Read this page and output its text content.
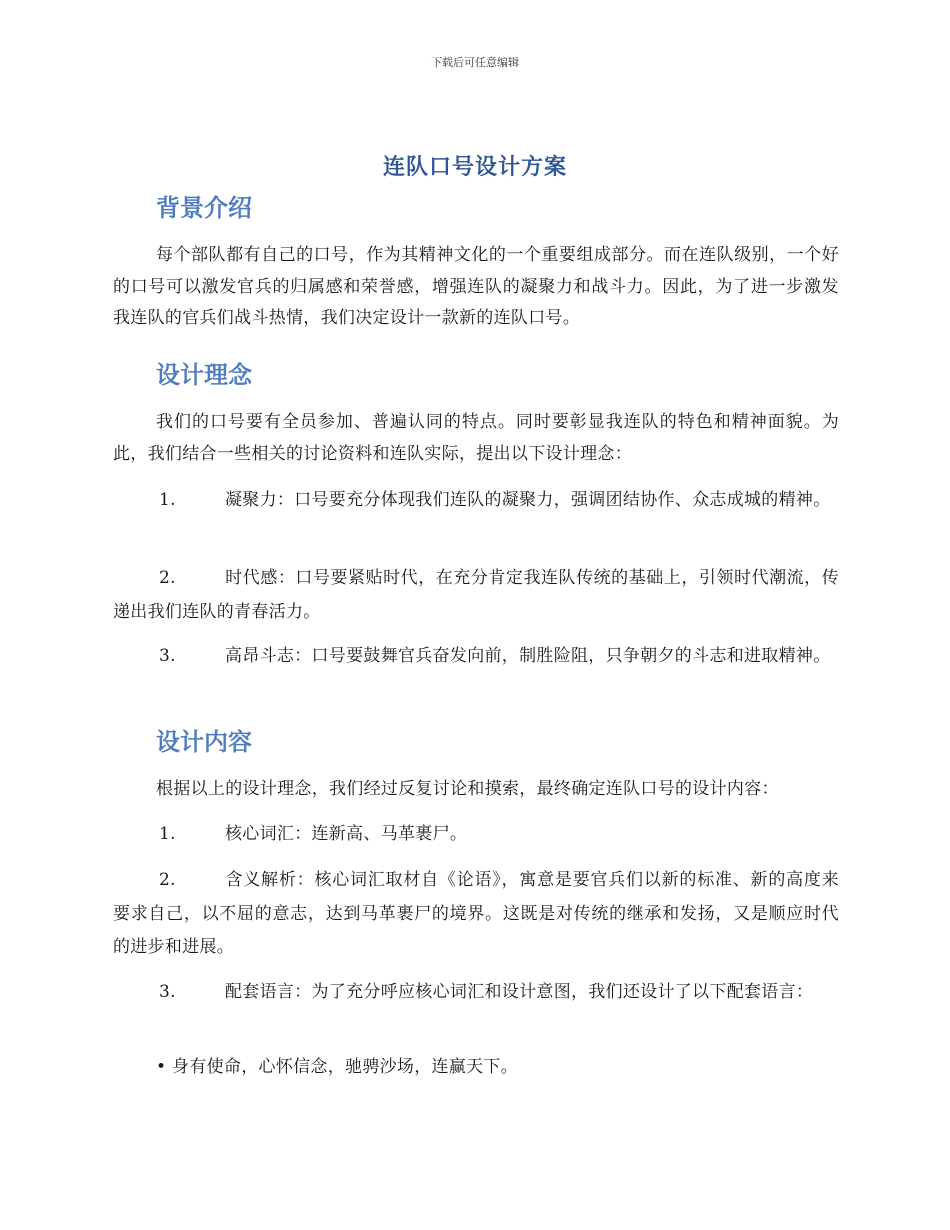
下载后可任意编辑
连队口号设计方案
背景介绍
每个部队都有自己的口号，作为其精神文化的一个重要组成部分。而在连队级别，一个好的口号可以激发官兵的归属感和荣誉感，增强连队的凝聚力和战斗力。因此，为了进一步激发我连队的官兵们战斗热情，我们决定设计一款新的连队口号。
设计理念
我们的口号要有全员参加、普遍认同的特点。同时要彰显我连队的特色和精神面貌。为此，我们结合一些相关的讨论资料和连队实际，提出以下设计理念：
1.	凝聚力：口号要充分体现我们连队的凝聚力，强调团结协作、众志成城的精神。
2.	时代感：口号要紧贴时代，在充分肯定我连队传统的基础上，引领时代潮流，传递出我们连队的青春活力。
3.	高昂斗志：口号要鼓舞官兵奋发向前，制胜险阻，只争朝夕的斗志和进取精神。
设计内容
根据以上的设计理念，我们经过反复讨论和摸索，最终确定连队口号的设计内容：
1.	核心词汇：连新高、马革裹尸。
2.	含义解析：核心词汇取材自《论语》，寓意是要官兵们以新的标准、新的高度来要求自己，以不屈的意志，达到马革裹尸的境界。这既是对传统的继承和发扬，又是顺应时代的进步和进展。
3.	配套语言：为了充分呼应核心词汇和设计意图，我们还设计了以下配套语言：
• 身有使命，心怀信念，驰骋沙场，连赢天下。
